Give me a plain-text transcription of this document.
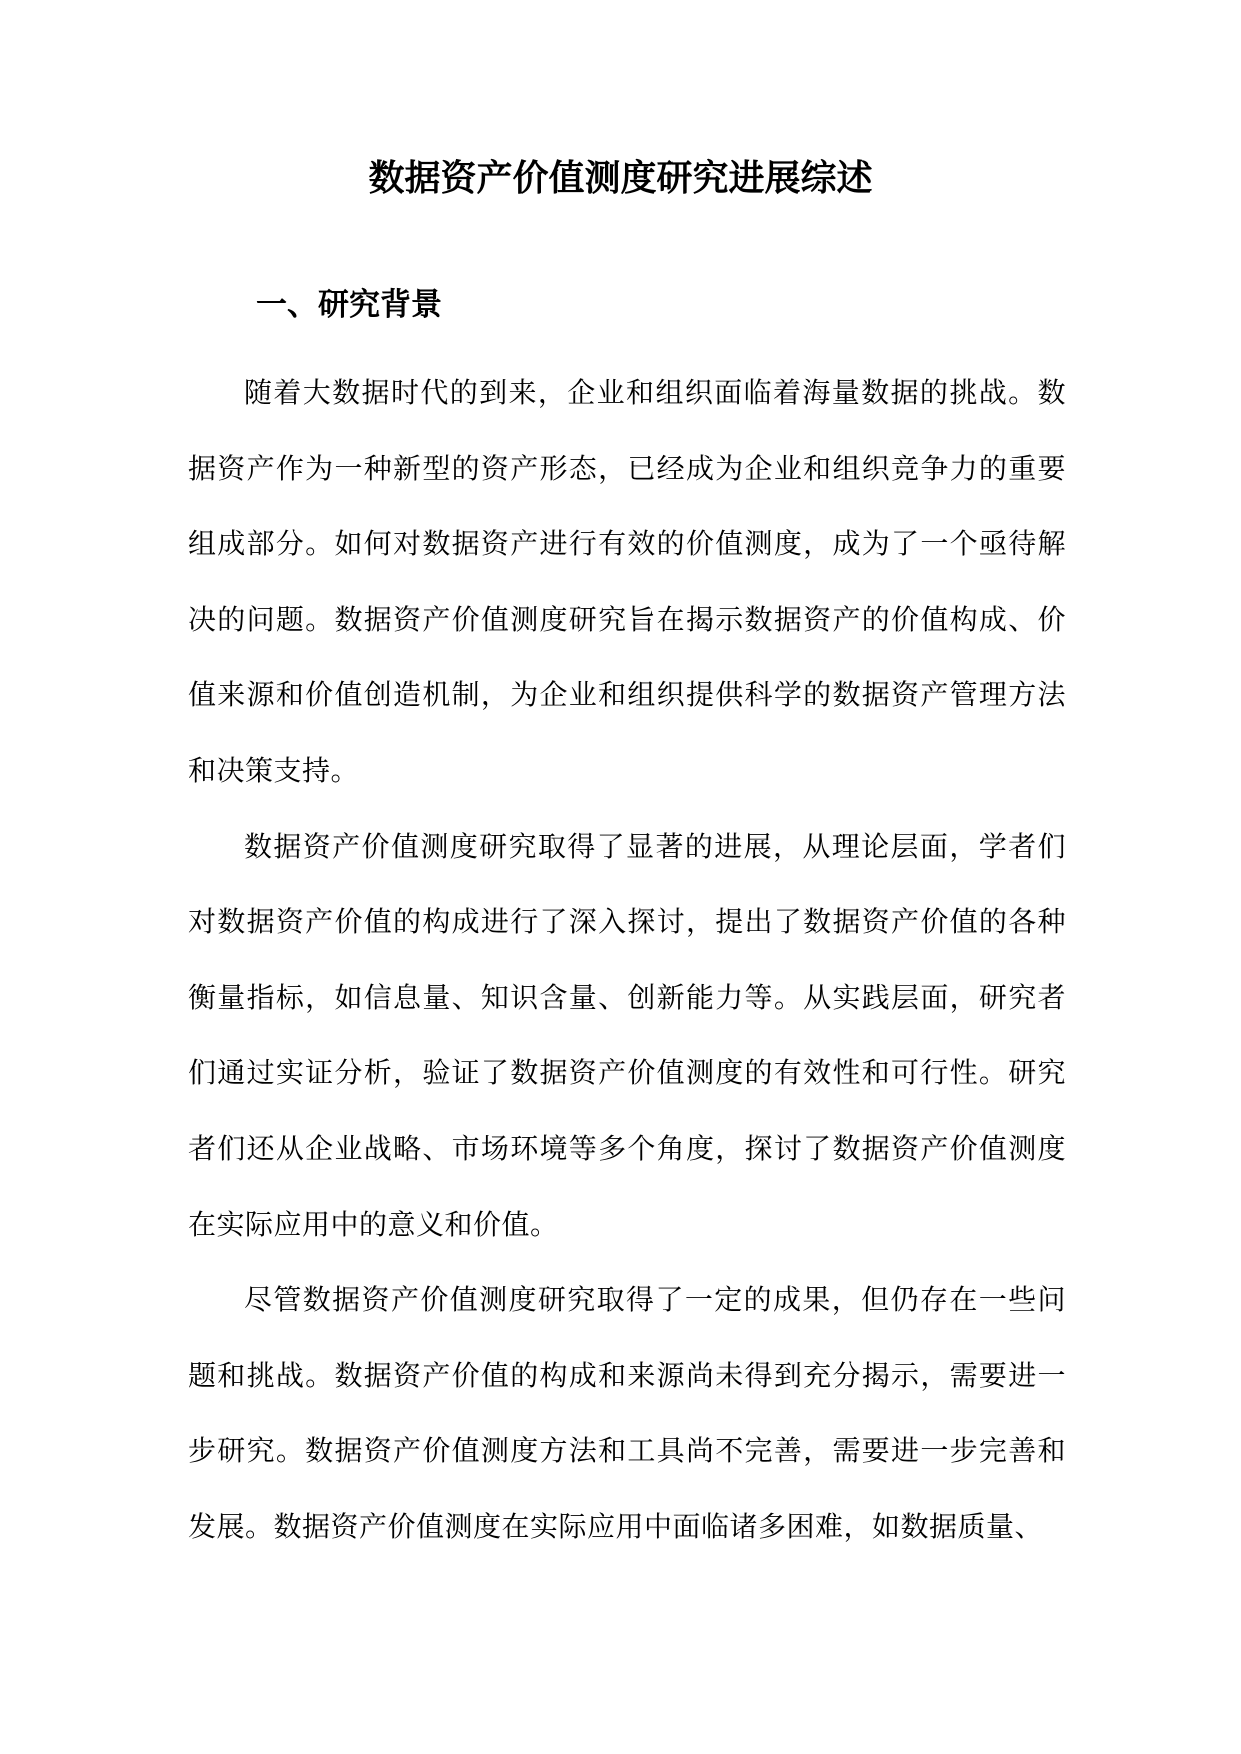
数据资产价值测度研究进展综述
一、研究背景

随着大数据时代的到来，企业和组织面临着海量数据的挑战。数据资产作为一种新型的资产形态，已经成为企业和组织竞争力的重要组成部分。如何对数据资产进行有效的价值测度，成为了一个亟待解决的问题。数据资产价值测度研究旨在揭示数据资产的价值构成、价值来源和价值创造机制，为企业和组织提供科学的数据资产管理方法和决策支持。

数据资产价值测度研究取得了显著的进展，从理论层面，学者们对数据资产价值的构成进行了深入探讨，提出了数据资产价值的各种衡量指标，如信息量、知识含量、创新能力等。从实践层面，研究者们通过实证分析，验证了数据资产价值测度的有效性和可行性。研究者们还从企业战略、市场环境等多个角度，探讨了数据资产价值测度在实际应用中的意义和价值。

尽管数据资产价值测度研究取得了一定的成果，但仍存在一些问题和挑战。数据资产价值的构成和来源尚未得到充分揭示，需要进一步研究。数据资产价值测度方法和工具尚不完善，需要进一步完善和发展。数据资产价值测度在实际应用中面临诸多困难，如数据质量、
